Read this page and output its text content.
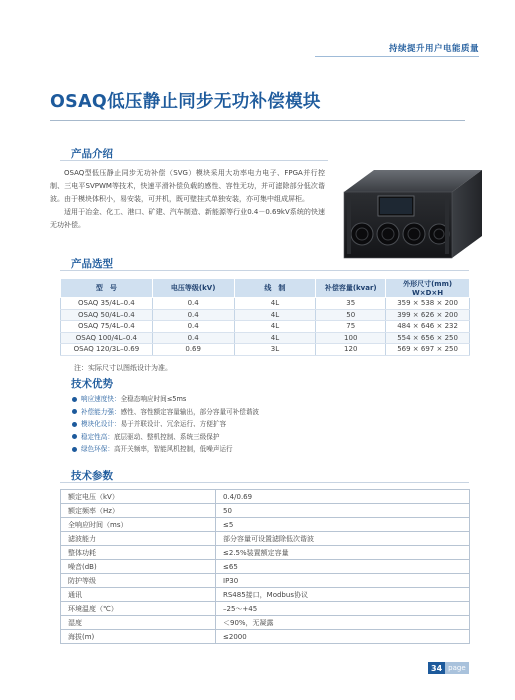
持续提升用户电能质量
OSAQ低压静止同步无功补偿模块
产品介绍

OSAQ型低压静止同步无功补偿（SVG）模块采用大功率电力电子、FPGA并行控制、三电平SVPWM等技术，快速平滑补偿负载的感性、容性无功，并可滤除部分低次谐波。由于模块体积小，易安装，可并机，既可壁挂式单独安装，亦可集中组成屏柜。

适用于冶金、化工、港口、矿建、汽车制造、新能源等行业0.4－0.69kV系统的快速无功补偿。

产品选型
型　号	电压等级(kV)	线　制	补偿容量(kvar)	外形尺寸(mm) W×D×H
OSAQ 35/4L–0.4	0.4	4L	35	359 × 538 × 200
OSAQ 50/4L–0.4	0.4	4L	50	399 × 626 × 200
OSAQ 75/4L–0.4	0.4	4L	75	484 × 646 × 232
OSAQ 100/4L–0.4	0.4	4L	100	554 × 656 × 250
OSAQ 120/3L–0.69	0.69	3L	120	569 × 697 × 250
注：实际尺寸以图纸设计为准。
技术优势
响应速度快： 全稳态响应时间≤5ms
补偿能力强： 感性、容性额定容量输出，部分容量可补偿谐波
模块化设计： 易于并联设计、冗余运行、方便扩容
稳定性高： 底层驱动、整机控制、系统三级保护
绿色环保： 高开关频率，智能风机控制，低噪声运行
技术参数
额定电压（kV）	0.4/0.69
额定频率（Hz）	50
全响应时间（ms）	≤5
滤波能力	部分容量可设置滤除低次谐波
整体功耗	≤2.5%装置额定容量
噪音(dB)	≤65
防护等级	IP30
通讯	RS485接口，Modbus协议
环境温度（℃）	–25～+45
湿度	＜90%，无凝露
海拔(m)	≤2000
34 page
